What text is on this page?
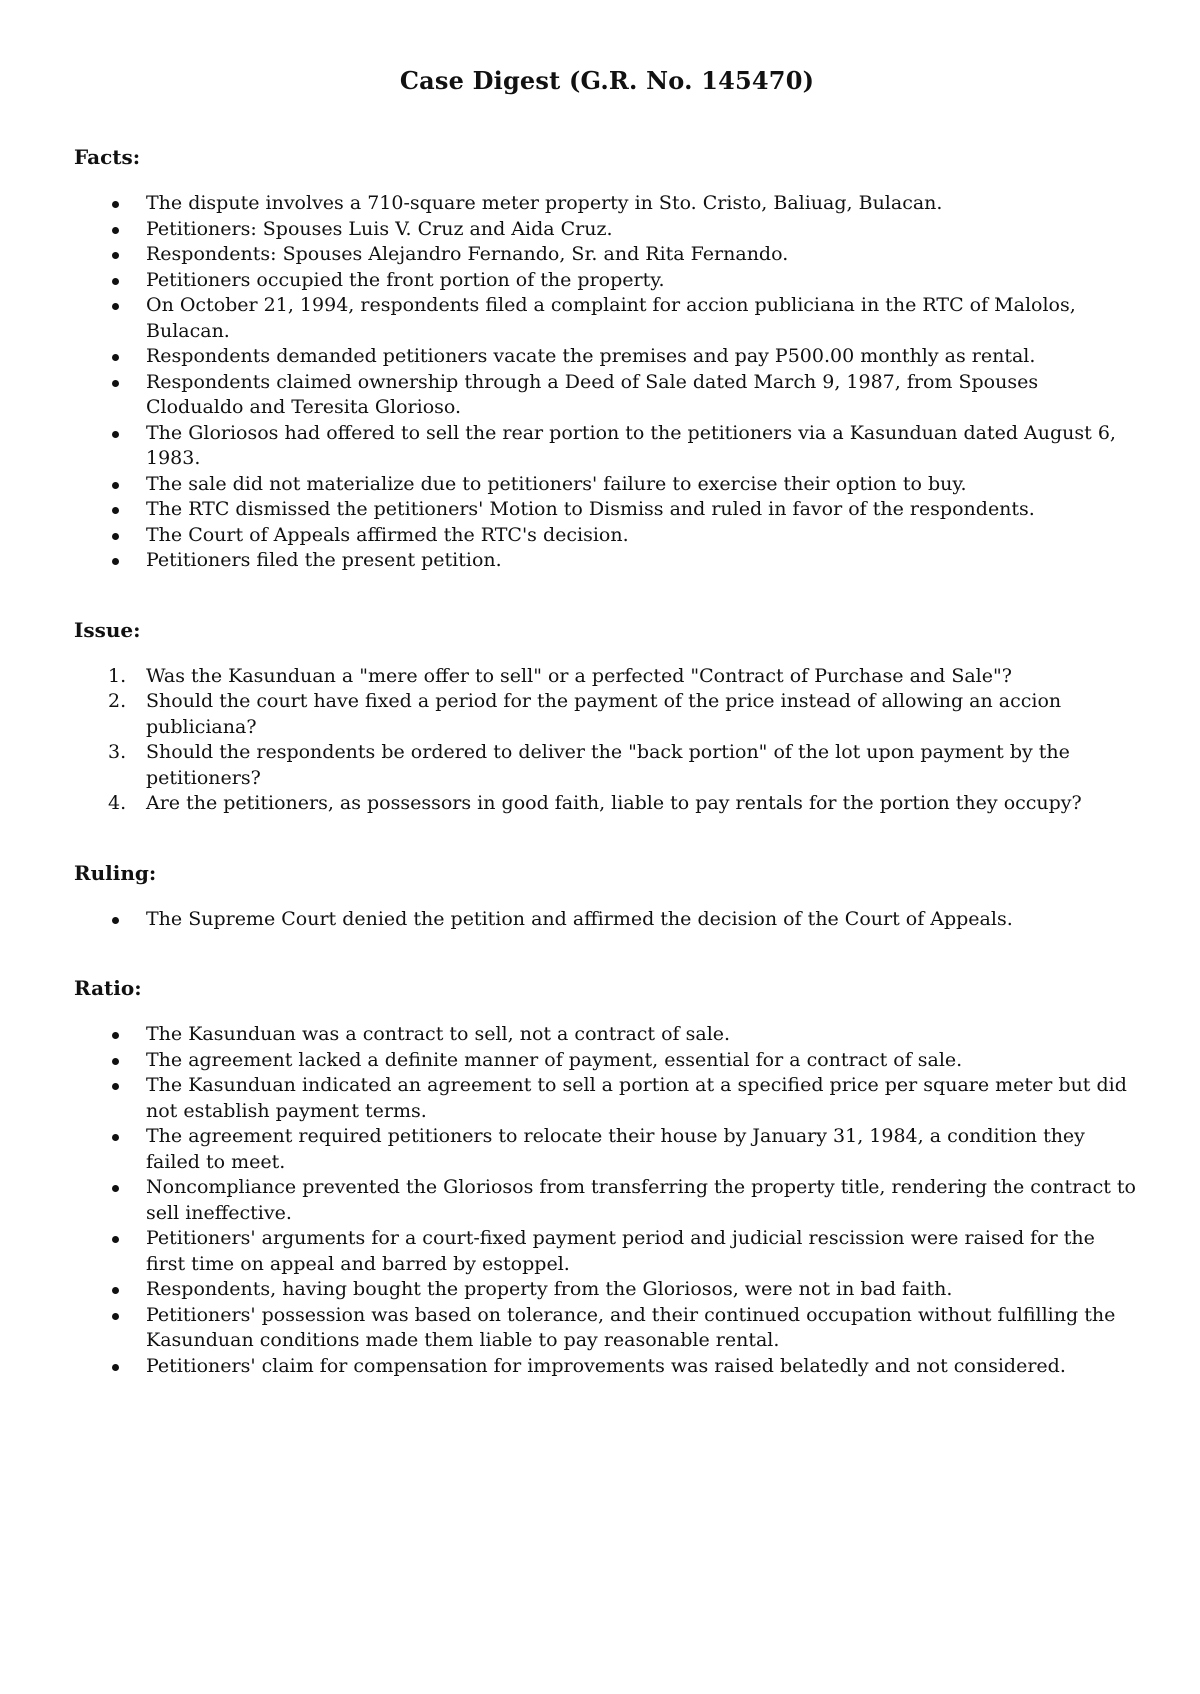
Case Digest (G.R. No. 145470)
Facts:
The dispute involves a 710-square meter property in Sto. Cristo, Baliuag, Bulacan.
Petitioners: Spouses Luis V. Cruz and Aida Cruz.
Respondents: Spouses Alejandro Fernando, Sr. and Rita Fernando.
Petitioners occupied the front portion of the property.
On October 21, 1994, respondents filed a complaint for accion publiciana in the RTC of Malolos, Bulacan.
Respondents demanded petitioners vacate the premises and pay P500.00 monthly as rental.
Respondents claimed ownership through a Deed of Sale dated March 9, 1987, from Spouses Clodualdo and Teresita Glorioso.
The Gloriosos had offered to sell the rear portion to the petitioners via a Kasunduan dated August 6, 1983.
The sale did not materialize due to petitioners' failure to exercise their option to buy.
The RTC dismissed the petitioners' Motion to Dismiss and ruled in favor of the respondents.
The Court of Appeals affirmed the RTC's decision.
Petitioners filed the present petition.
Issue:
1. Was the Kasunduan a "mere offer to sell" or a perfected "Contract of Purchase and Sale"?
2. Should the court have fixed a period for the payment of the price instead of allowing an accion publiciana?
3. Should the respondents be ordered to deliver the "back portion" of the lot upon payment by the petitioners?
4. Are the petitioners, as possessors in good faith, liable to pay rentals for the portion they occupy?
Ruling:
The Supreme Court denied the petition and affirmed the decision of the Court of Appeals.
Ratio:
The Kasunduan was a contract to sell, not a contract of sale.
The agreement lacked a definite manner of payment, essential for a contract of sale.
The Kasunduan indicated an agreement to sell a portion at a specified price per square meter but did not establish payment terms.
The agreement required petitioners to relocate their house by January 31, 1984, a condition they failed to meet.
Noncompliance prevented the Gloriosos from transferring the property title, rendering the contract to sell ineffective.
Petitioners' arguments for a court-fixed payment period and judicial rescission were raised for the first time on appeal and barred by estoppel.
Respondents, having bought the property from the Gloriosos, were not in bad faith.
Petitioners' possession was based on tolerance, and their continued occupation without fulfilling the Kasunduan conditions made them liable to pay reasonable rental.
Petitioners' claim for compensation for improvements was raised belatedly and not considered.
